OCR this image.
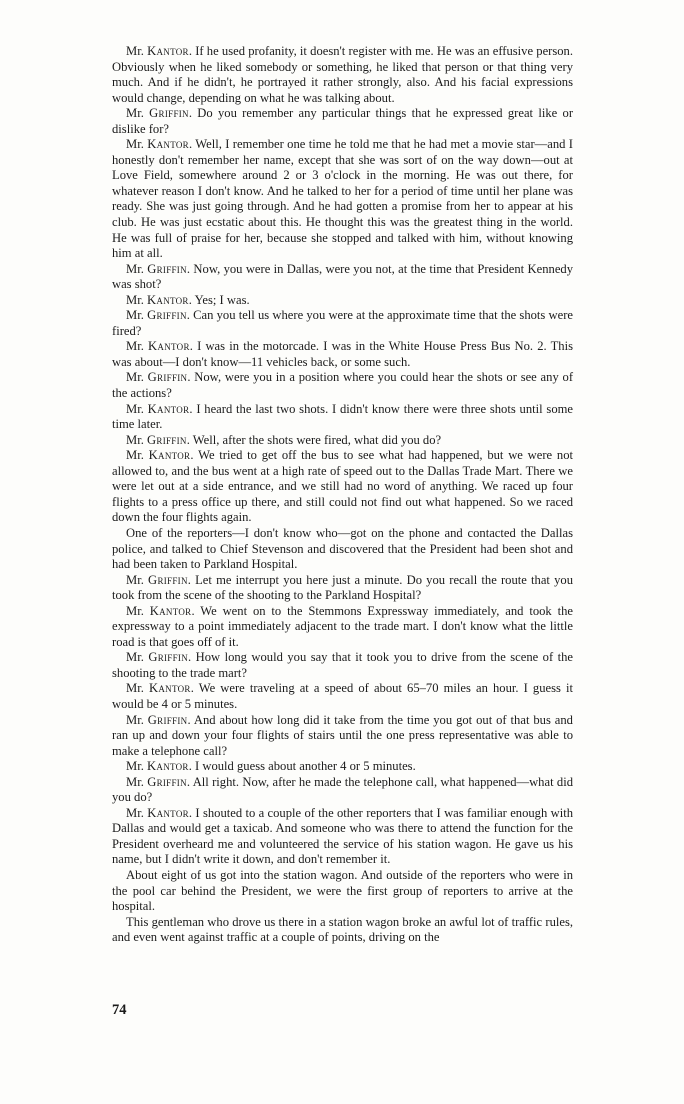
Mr. Kantor. If he used profanity, it doesn't register with me. He was an effusive person. Obviously when he liked somebody or something, he liked that person or that thing very much. And if he didn't, he portrayed it rather strongly, also. And his facial expressions would change, depending on what he was talking about.

Mr. Griffin. Do you remember any particular things that he expressed great like or dislike for?

Mr. Kantor. Well, I remember one time he told me that he had met a movie star—and I honestly don't remember her name, except that she was sort of on the way down—out at Love Field, somewhere around 2 or 3 o'clock in the morning. He was out there, for whatever reason I don't know. And he talked to her for a period of time until her plane was ready. She was just going through. And he had gotten a promise from her to appear at his club. He was just ecstatic about this. He thought this was the greatest thing in the world. He was full of praise for her, because she stopped and talked with him, without knowing him at all.

Mr. Griffin. Now, you were in Dallas, were you not, at the time that President Kennedy was shot?

Mr. Kantor. Yes; I was.

Mr. Griffin. Can you tell us where you were at the approximate time that the shots were fired?

Mr. Kantor. I was in the motorcade. I was in the White House Press Bus No. 2. This was about—I don't know—11 vehicles back, or some such.

Mr. Griffin. Now, were you in a position where you could hear the shots or see any of the actions?

Mr. Kantor. I heard the last two shots. I didn't know there were three shots until some time later.

Mr. Griffin. Well, after the shots were fired, what did you do?

Mr. Kantor. We tried to get off the bus to see what had happened, but we were not allowed to, and the bus went at a high rate of speed out to the Dallas Trade Mart. There we were let out at a side entrance, and we still had no word of anything. We raced up four flights to a press office up there, and still could not find out what happened. So we raced down the four flights again.

One of the reporters—I don't know who—got on the phone and contacted the Dallas police, and talked to Chief Stevenson and discovered that the President had been shot and had been taken to Parkland Hospital.

Mr. Griffin. Let me interrupt you here just a minute. Do you recall the route that you took from the scene of the shooting to the Parkland Hospital?

Mr. Kantor. We went on to the Stemmons Expressway immediately, and took the expressway to a point immediately adjacent to the trade mart. I don't know what the little road is that goes off of it.

Mr. Griffin. How long would you say that it took you to drive from the scene of the shooting to the trade mart?

Mr. Kantor. We were traveling at a speed of about 65–70 miles an hour. I guess it would be 4 or 5 minutes.

Mr. Griffin. And about how long did it take from the time you got out of that bus and ran up and down your four flights of stairs until the one press representative was able to make a telephone call?

Mr. Kantor. I would guess about another 4 or 5 minutes.

Mr. Griffin. All right. Now, after he made the telephone call, what happened—what did you do?

Mr. Kantor. I shouted to a couple of the other reporters that I was familiar enough with Dallas and would get a taxicab. And someone who was there to attend the function for the President overheard me and volunteered the service of his station wagon. He gave us his name, but I didn't write it down, and don't remember it.

About eight of us got into the station wagon. And outside of the reporters who were in the pool car behind the President, we were the first group of reporters to arrive at the hospital.

This gentleman who drove us there in a station wagon broke an awful lot of traffic rules, and even went against traffic at a couple of points, driving on the

74
